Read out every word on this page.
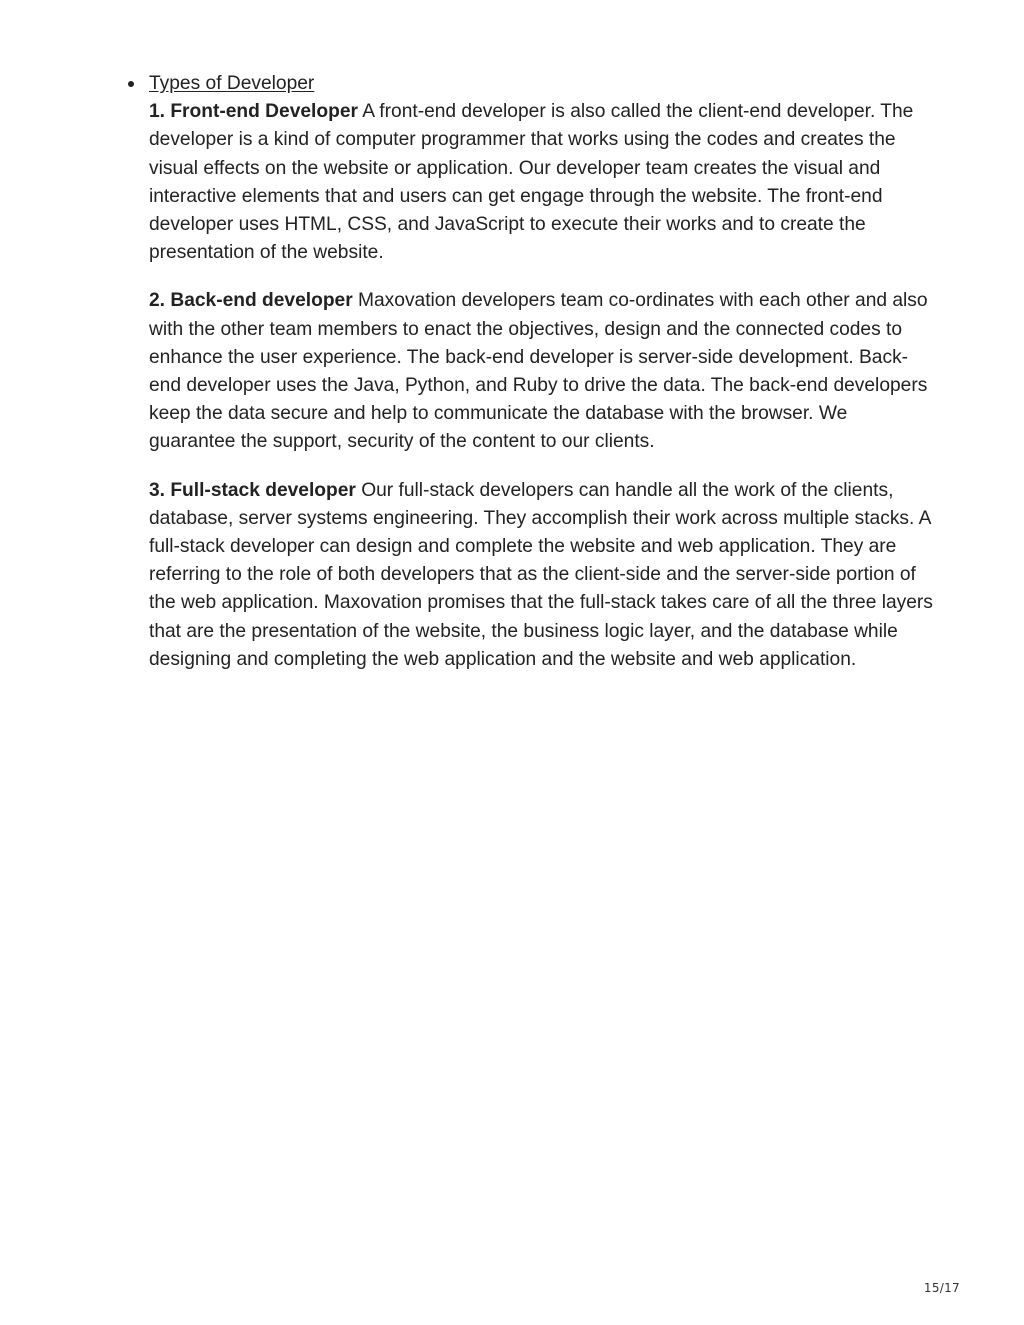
Types of Developer

1. Front-end Developer A front-end developer is also called the client-end developer. The developer is a kind of computer programmer that works using the codes and creates the visual effects on the website or application. Our developer team creates the visual and interactive elements that and users can get engage through the website. The front-end developer uses HTML, CSS, and JavaScript to execute their works and to create the presentation of the website.

2. Back-end developer Maxovation developers team co-ordinates with each other and also with the other team members to enact the objectives, design and the connected codes to enhance the user experience. The back-end developer is server-side development. Back-end developer uses the Java, Python, and Ruby to drive the data. The back-end developers keep the data secure and help to communicate the database with the browser. We guarantee the support, security of the content to our clients.

3. Full-stack developer Our full-stack developers can handle all the work of the clients, database, server systems engineering. They accomplish their work across multiple stacks. A full-stack developer can design and complete the website and web application. They are referring to the role of both developers that as the client-side and the server-side portion of the web application. Maxovation promises that the full-stack takes care of all the three layers that are the presentation of the website, the business logic layer, and the database while designing and completing the web application and the website and web application.

15/17
